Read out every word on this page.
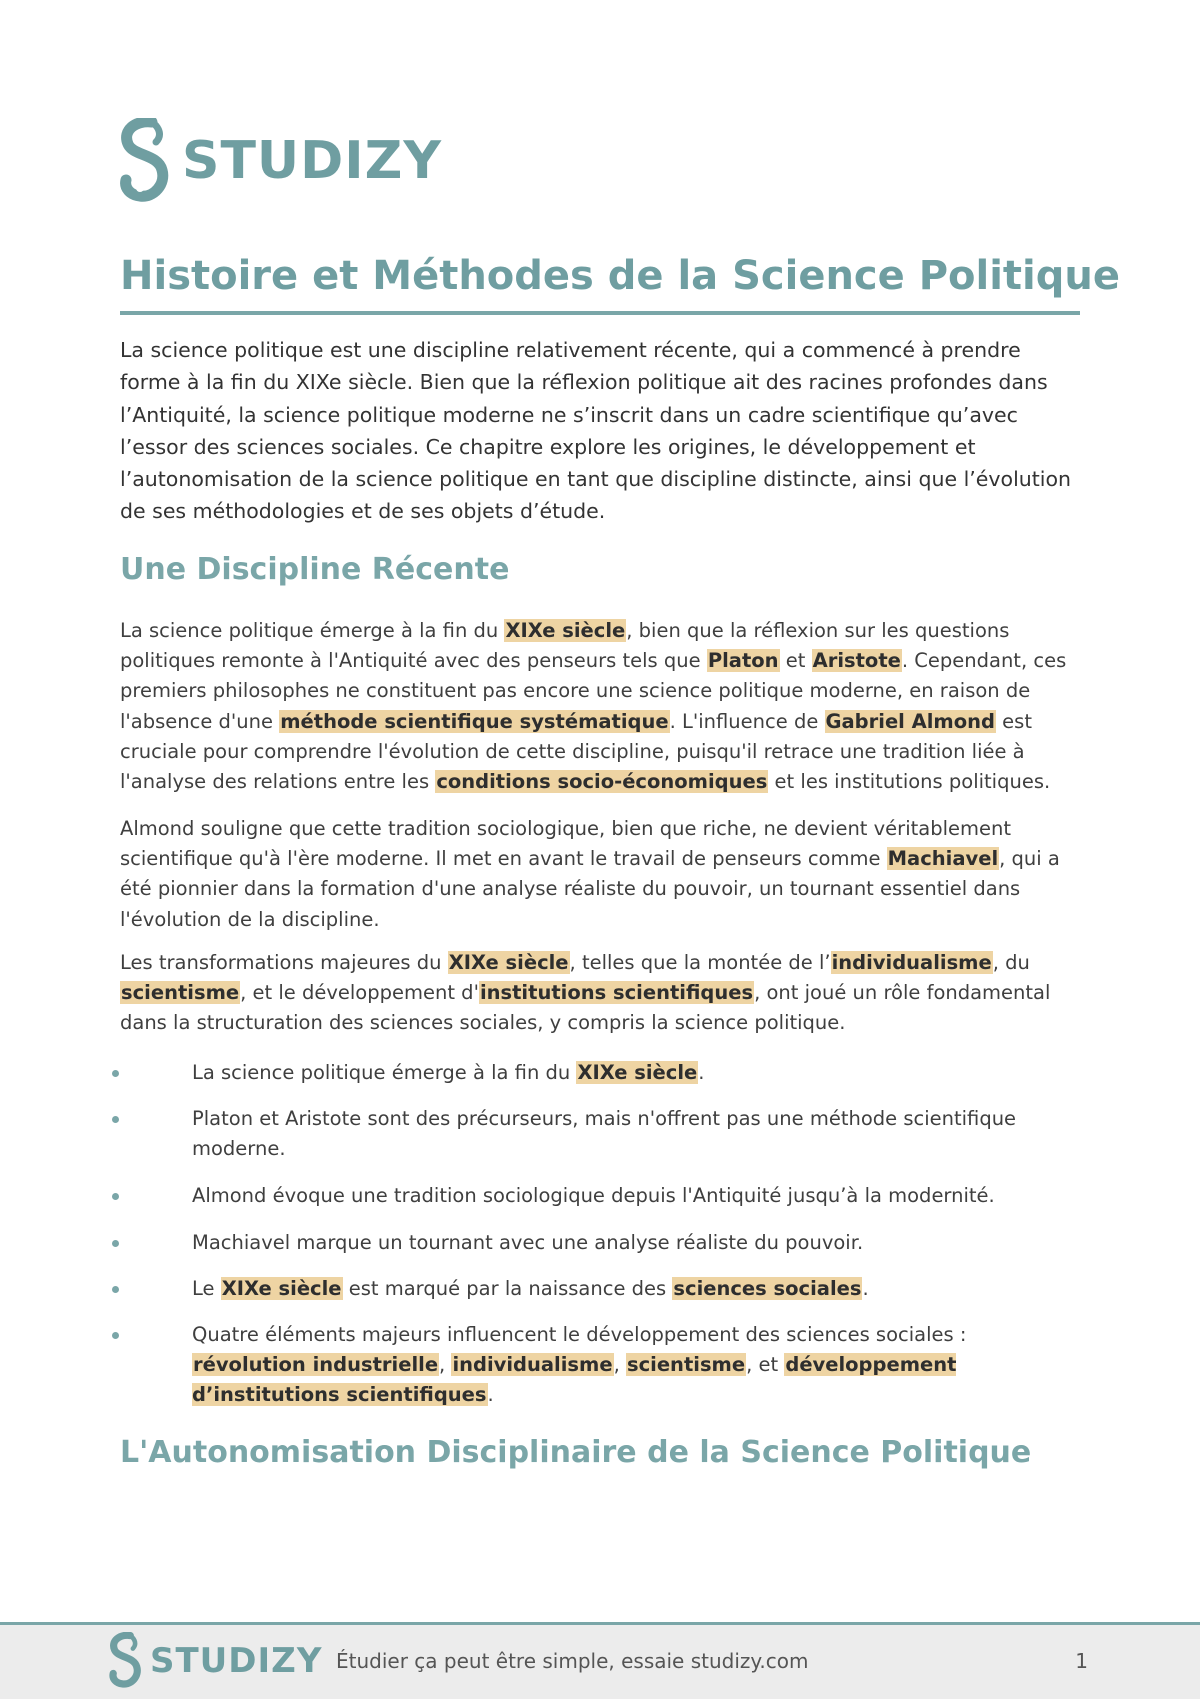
STUDIZY
Histoire et Méthodes de la Science Politique

La science politique est une discipline relativement récente, qui a commencé à prendre forme à la fin du XIXe siècle. Bien que la réflexion politique ait des racines profondes dans l’Antiquité, la science politique moderne ne s’inscrit dans un cadre scientifique qu’avec l’essor des sciences sociales. Ce chapitre explore les origines, le développement et l’autonomisation de la science politique en tant que discipline distincte, ainsi que l’évolution de ses méthodologies et de ses objets d’étude.

Une Discipline Récente

La science politique émerge à la fin du XIXe siècle, bien que la réflexion sur les questions politiques remonte à l'Antiquité avec des penseurs tels que Platon et Aristote. Cependant, ces premiers philosophes ne constituent pas encore une science politique moderne, en raison de l'absence d'une méthode scientifique systématique. L'influence de Gabriel Almond est cruciale pour comprendre l'évolution de cette discipline, puisqu'il retrace une tradition liée à l'analyse des relations entre les conditions socio-économiques et les institutions politiques.

Almond souligne que cette tradition sociologique, bien que riche, ne devient véritablement scientifique qu'à l'ère moderne. Il met en avant le travail de penseurs comme Machiavel, qui a été pionnier dans la formation d'une analyse réaliste du pouvoir, un tournant essentiel dans l'évolution de la discipline.

Les transformations majeures du XIXe siècle, telles que la montée de l’individualisme, du scientisme, et le développement d'institutions scientifiques, ont joué un rôle fondamental dans la structuration des sciences sociales, y compris la science politique.

La science politique émerge à la fin du XIXe siècle.
Platon et Aristote sont des précurseurs, mais n'offrent pas une méthode scientifique moderne.
Almond évoque une tradition sociologique depuis l'Antiquité jusqu’à la modernité.
Machiavel marque un tournant avec une analyse réaliste du pouvoir.
Le XIXe siècle est marqué par la naissance des sciences sociales.
Quatre éléments majeurs influencent le développement des sciences sociales : révolution industrielle, individualisme, scientisme, et développement d’institutions scientifiques.
L'Autonomisation Disciplinaire de la Science Politique
STUDIZY Étudier ça peut être simple, essaie studizy.com	1
